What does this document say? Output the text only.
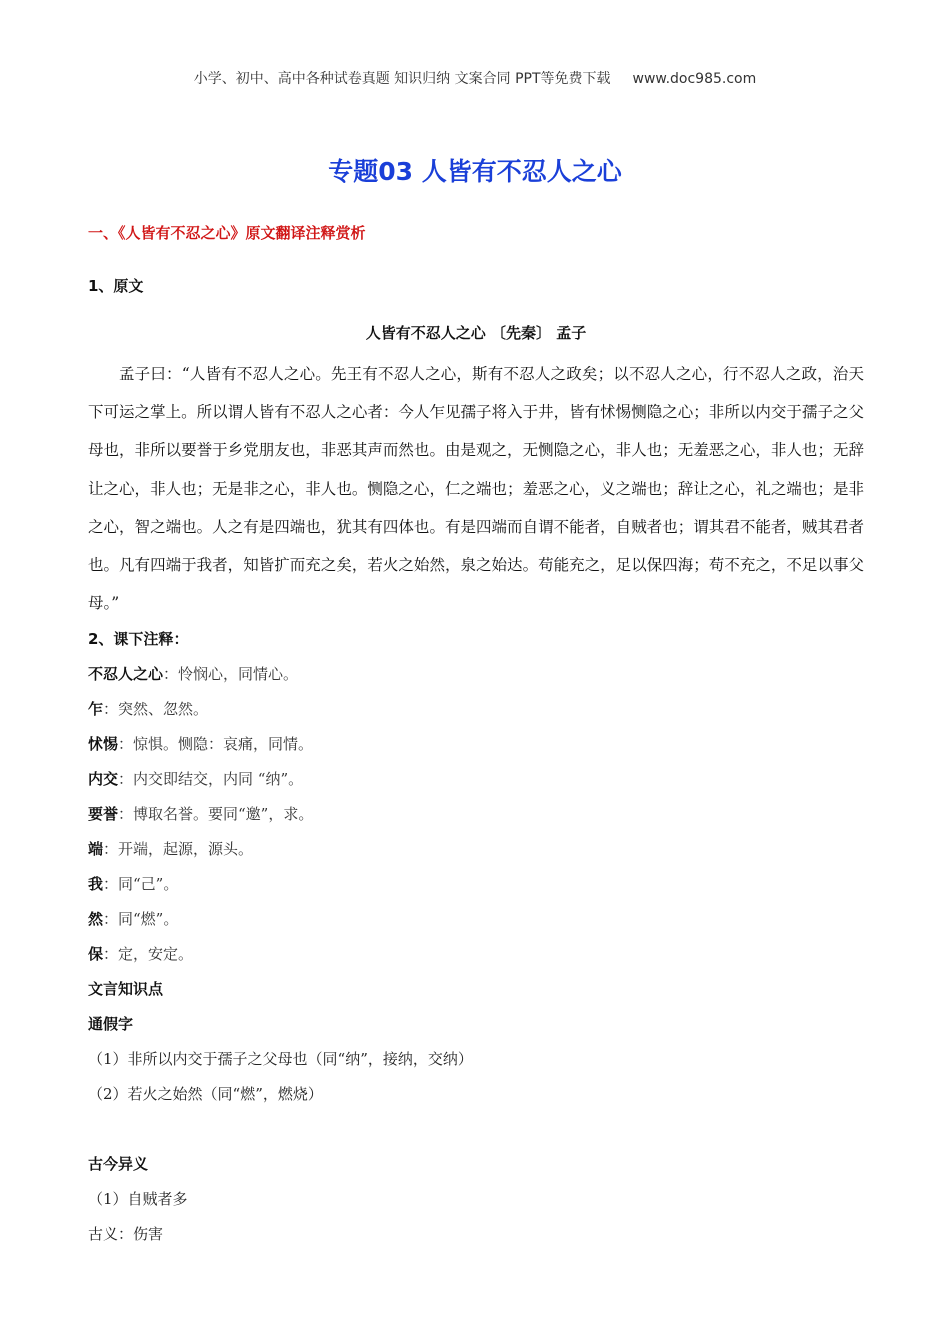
小学、初中、高中各种试卷真题 知识归纳 文案合同 PPT等免费下载 www.doc985.com
专题03 人皆有不忍人之心
一、《人皆有不忍之心》原文翻译注释赏析
1、原文
人皆有不忍人之心 〔先秦〕 孟子
孟子曰：“人皆有不忍人之心。先王有不忍人之心，斯有不忍人之政矣；以不忍人之心，行不忍人之政，治天下可运之掌上。所以谓人皆有不忍人之心者：今人乍见孺子将入于井，皆有怵惕恻隐之心；非所以内交于孺子之父母也，非所以要誉于乡党朋友也，非恶其声而然也。由是观之，无恻隐之心，非人也；无羞恶之心，非人也；无辞让之心，非人也；无是非之心，非人也。恻隐之心，仁之端也；羞恶之心，义之端也；辞让之心，礼之端也；是非之心，智之端也。人之有是四端也，犹其有四体也。有是四端而自谓不能者，自贼者也；谓其君不能者，贼其君者也。凡有四端于我者，知皆扩而充之矣，若火之始然，泉之始达。苟能充之，足以保四海；苟不充之，不足以事父母。”
2、课下注释：
不忍人之心：怜悯心，同情心。
乍：突然、忽然。
怵惕：惊惧。恻隐：哀痛，同情。
内交：内交即结交，内同 “纳”。
要誉：博取名誉。要同“邀”，求。
端：开端，起源，源头。
我：同“己”。
然：同“燃”。
保：定，安定。
文言知识点
通假字
（1）非所以内交于孺子之父母也（同“纳”，接纳，交纳）
（2）若火之始然（同“燃”，燃烧）
古今异义
（1）自贼者多
古义：伤害
